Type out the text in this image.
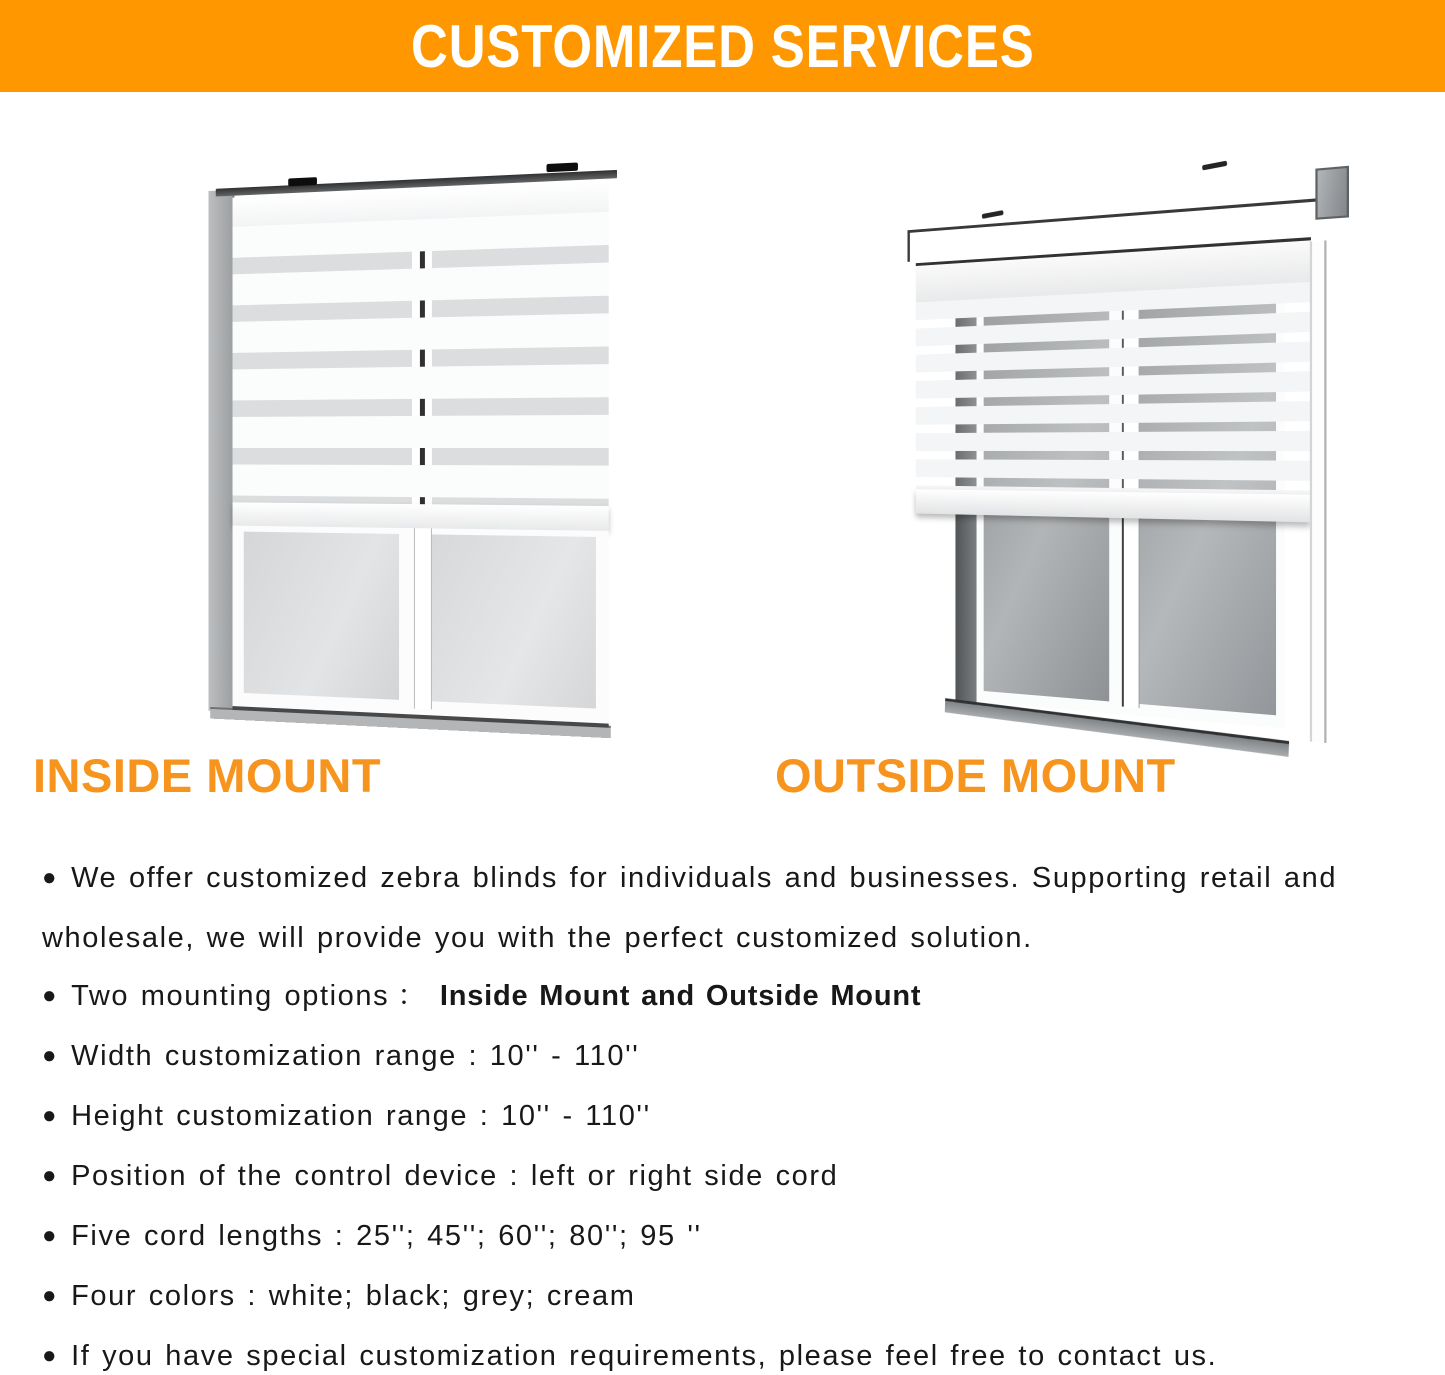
CUSTOMIZED SERVICES
INSIDE MOUNT	OUTSIDE MOUNT

● We offer customized zebra blinds for individuals and businesses. Supporting retail and wholesale, we will provide you with the perfect customized solution.

● Two mounting options ： Inside Mount and Outside Mount

● Width customization range : 10'' - 110''

● Height customization range : 10'' - 110''

● Position of the control device : left or right side cord

● Five cord lengths : 25''; 45''; 60''; 80''; 95 ''

● Four colors : white; black; grey; cream

● If you have special customization requirements, please feel free to contact us.
